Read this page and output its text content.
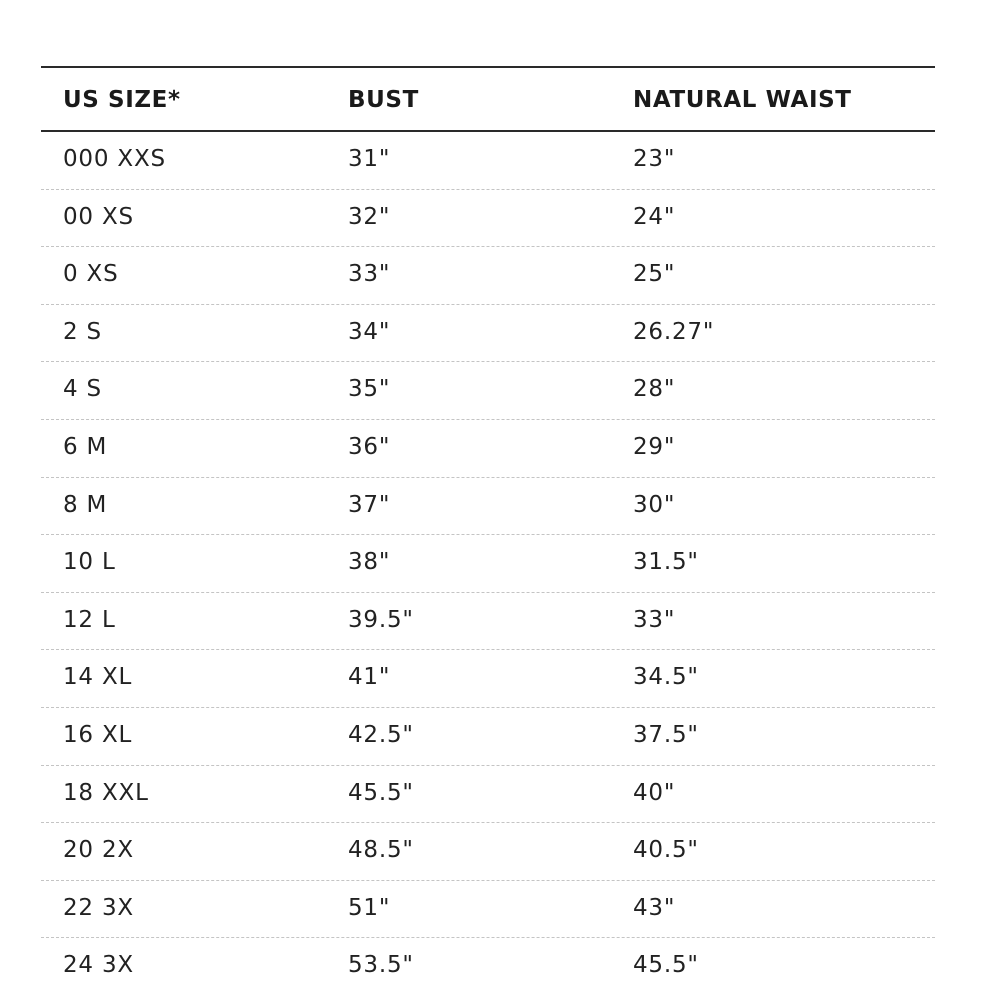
US SIZE*	BUST	NATURAL WAIST
000 XXS	31"	23"
00 XS	32"	24"
0 XS	33"	25"
2 S	34"	26.27"
4 S	35"	28"
6 M	36"	29"
8 M	37"	30"
10 L	38"	31.5"
12 L	39.5"	33"
14 XL	41"	34.5"
16 XL	42.5"	37.5"
18 XXL	45.5"	40"
20 2X	48.5"	40.5"
22 3X	51"	43"
24 3X	53.5"	45.5"
